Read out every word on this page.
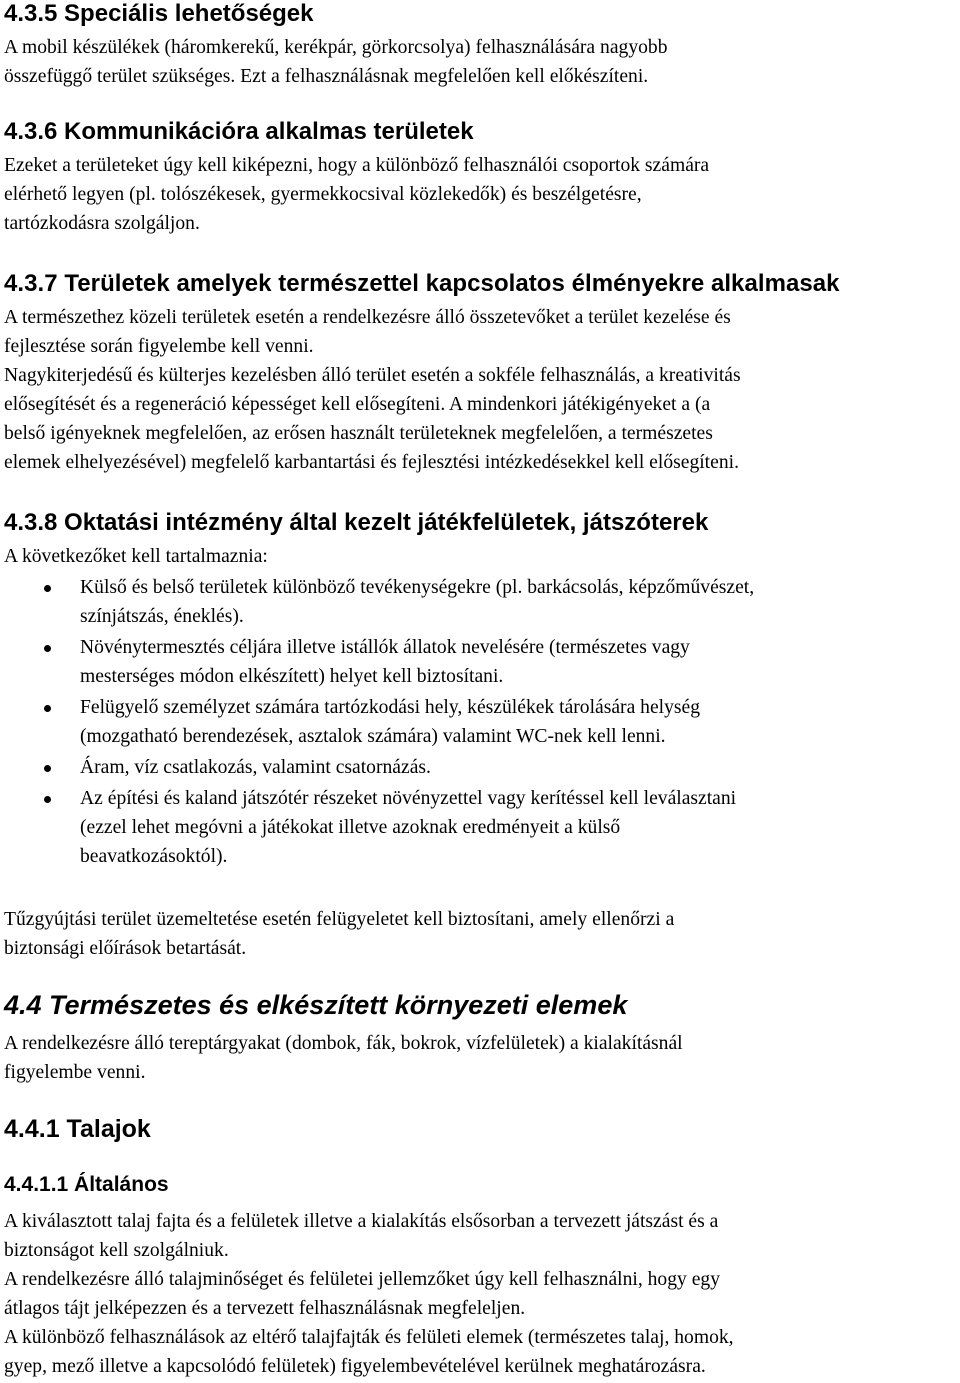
4.3.5 Speciális lehetőségek

A mobil készülékek (háromkerekű, kerékpár, görkorcsolya) felhasználására nagyobb

összefüggő terület szükséges. Ezt a felhasználásnak megfelelően kell előkészíteni.

4.3.6 Kommunikációra alkalmas területek

Ezeket a területeket úgy kell kiképezni, hogy a különböző felhasználói csoportok számára

elérhető legyen (pl. tolószékesek, gyermekkocsival közlekedők) és beszélgetésre,

tartózkodásra szolgáljon.

4.3.7 Területek amelyek természettel kapcsolatos élményekre alkalmasak

A természethez közeli területek esetén a rendelkezésre álló összetevőket a terület kezelése és

fejlesztése során figyelembe kell venni.

Nagykiterjedésű és külterjes kezelésben álló terület esetén a sokféle felhasználás, a kreativitás

elősegítését és a regeneráció képességet kell elősegíteni. A mindenkori játékigényeket a (a

belső igényeknek megfelelően, az erősen használt területeknek megfelelően, a természetes

elemek elhelyezésével) megfelelő karbantartási és fejlesztési intézkedésekkel kell elősegíteni.

4.3.8 Oktatási intézmény által kezelt játékfelületek, játszóterek

A következőket kell tartalmaznia:

Külső és belső területek különböző tevékenységekre (pl. barkácsolás, képzőművészet,
színjátszás, éneklés).
Növénytermesztés céljára illetve istállók állatok nevelésére (természetes vagy
mesterséges módon elkészített) helyet kell biztosítani.
Felügyelő személyzet számára tartózkodási hely, készülékek tárolására helység
(mozgatható berendezések, asztalok számára) valamint WC-nek kell lenni.
Áram, víz csatlakozás, valamint csatornázás.
Az építési és kaland játszótér részeket növényzettel vagy kerítéssel kell leválasztani
(ezzel lehet megóvni a játékokat illetve azoknak eredményeit a külső
beavatkozásoktól).

Tűzgyújtási terület üzemeltetése esetén felügyeletet kell biztosítani, amely ellenőrzi a

biztonsági előírások betartását.

4.4 Természetes és elkészített környezeti elemek

A rendelkezésre álló tereptárgyakat (dombok, fák, bokrok, vízfelületek) a kialakításnál

figyelembe venni.

4.4.1 Talajok
4.4.1.1 Általános

A kiválasztott talaj fajta és a felületek illetve a kialakítás elsősorban a tervezett játszást és a

biztonságot kell szolgálniuk.

A rendelkezésre álló talajminőséget és felületei jellemzőket úgy kell felhasználni, hogy egy

átlagos tájt jelképezzen és a tervezett felhasználásnak megfeleljen.

A különböző felhasználások az eltérő talajfajták és felületi elemek (természetes talaj, homok,

gyep, mező illetve a kapcsolódó felületek) figyelembevételével kerülnek meghatározásra.
